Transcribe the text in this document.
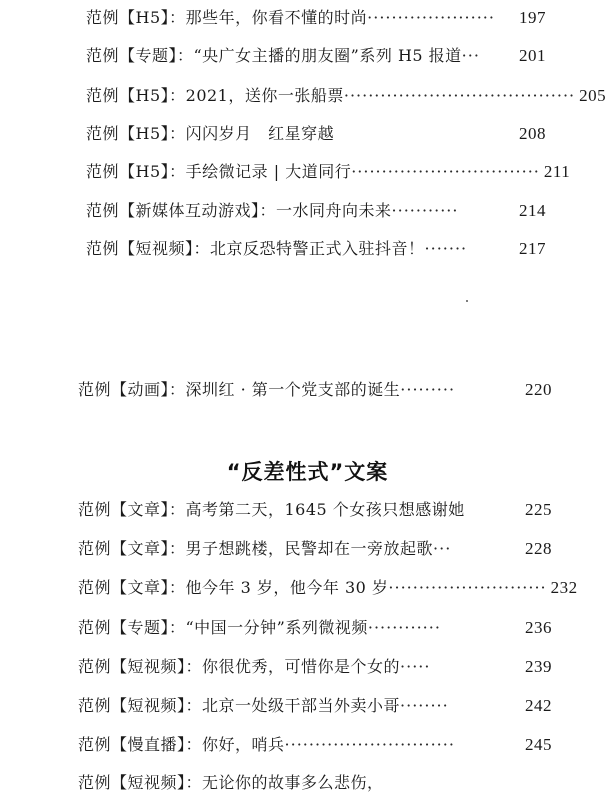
范例【H5】：那些年，你看不懂的时尚 ·····················	197
范例【专题】：“央广女主播的朋友圈”系列 H5 报道 ···	201
范例【H5】：2021，送你一张船票 ······································ 205
范例【H5】：闪闪岁月　红星穿越	208
范例【H5】：手绘微记录 | 大道同行 ······························· 211
范例【新媒体互动游戏】：一水同舟向未来 ···········	214
范例【短视频】：北京反恐特警正式入驻抖音！ ·······	217
范例【动画】：深圳红 · 第一个党支部的诞生 ·········	220
“反差性式”文案
范例【文章】：高考第二天，1645 个女孩只想感谢她	225
范例【文章】：男子想跳楼，民警却在一旁放起歌 ···	228
范例【文章】：他今年 3 岁，他今年 30 岁 ·························· 232
范例【专题】：“中国一分钟”系列微视频 ············	236
范例【短视频】：你很优秀，可惜你是个女的 ·····	239
范例【短视频】：北京一处级干部当外卖小哥 ········	242
范例【慢直播】：你好，哨兵 ····························	245
范例【短视频】：无论你的故事多么悲伤，
